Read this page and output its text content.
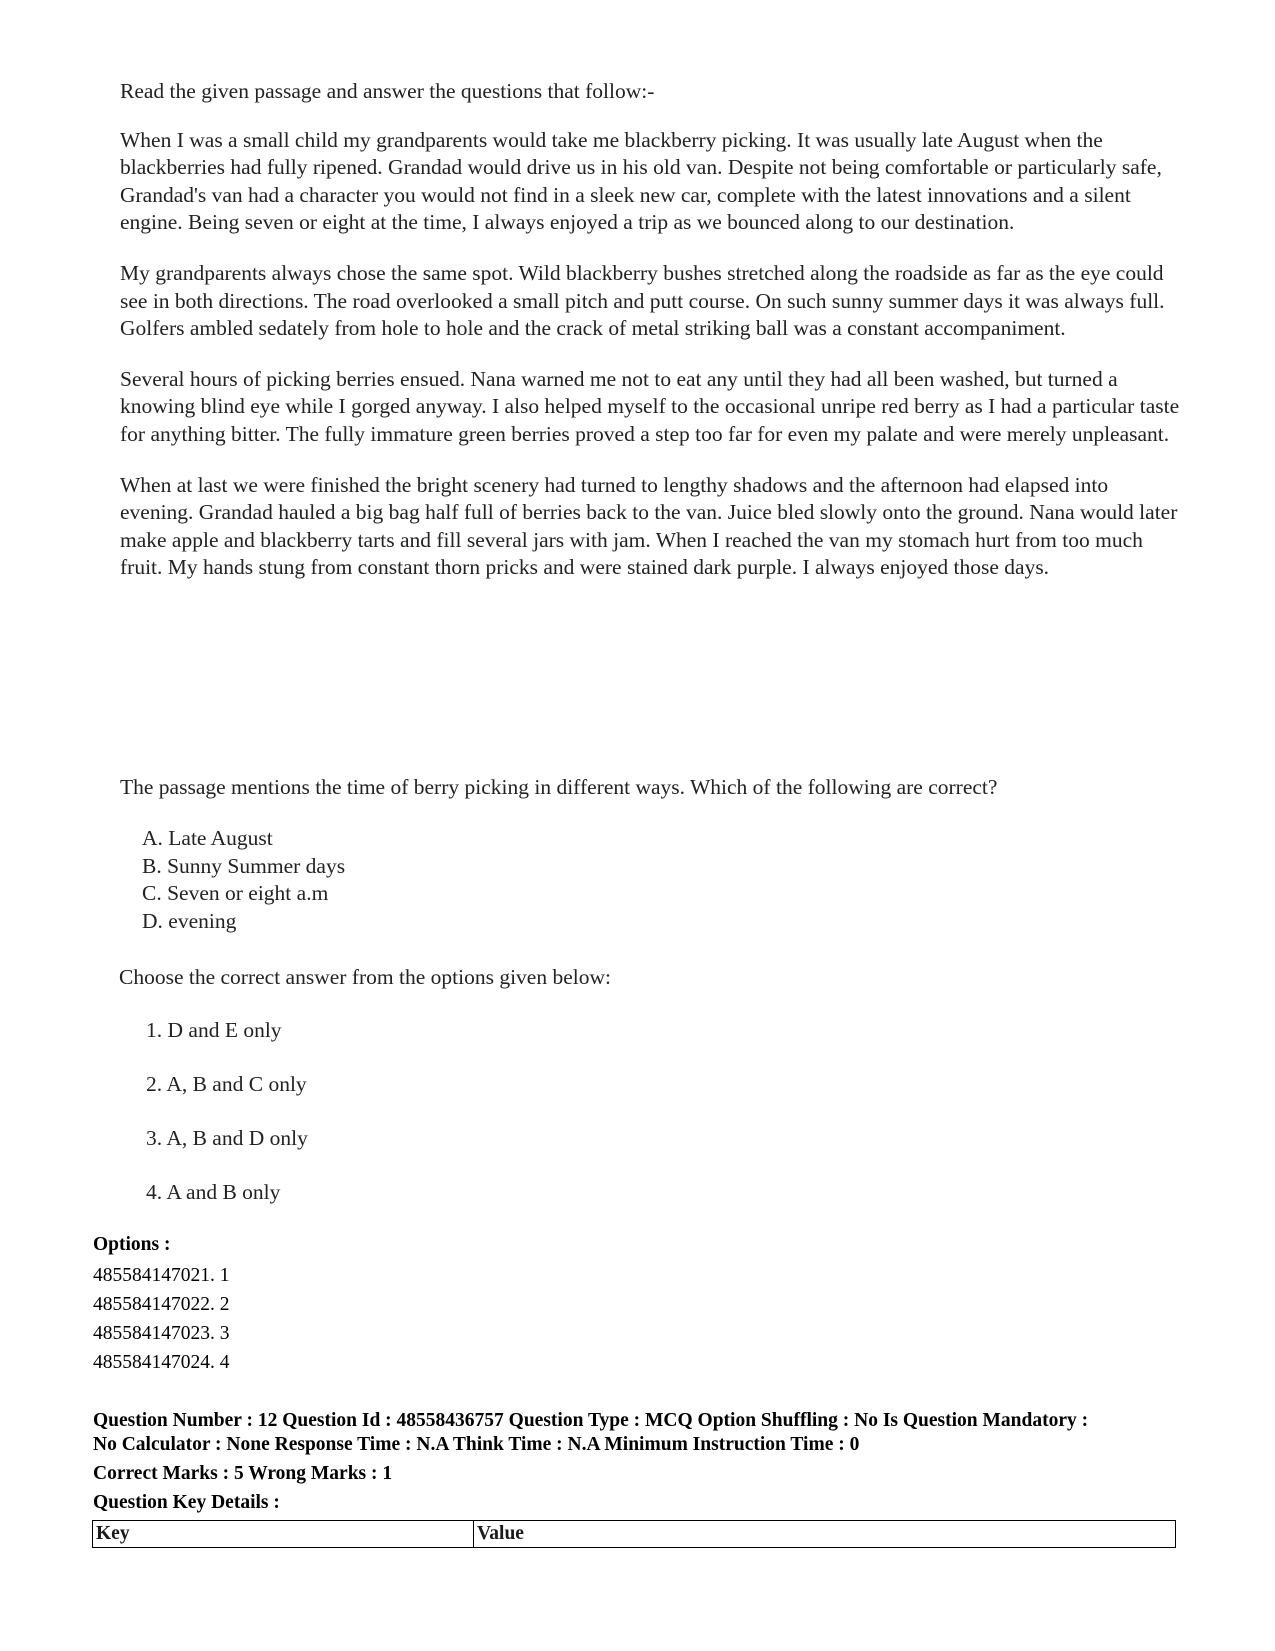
Read the given passage and answer the questions that follow:-

When I was a small child my grandparents would take me blackberry picking. It was usually late August when the blackberries had fully ripened. Grandad would drive us in his old van. Despite not being comfortable or particularly safe, Grandad's van had a character you would not find in a sleek new car, complete with the latest innovations and a silent engine. Being seven or eight at the time, I always enjoyed a trip as we bounced along to our destination.

My grandparents always chose the same spot. Wild blackberry bushes stretched along the roadside as far as the eye could see in both directions. The road overlooked a small pitch and putt course. On such sunny summer days it was always full. Golfers ambled sedately from hole to hole and the crack of metal striking ball was a constant accompaniment.

Several hours of picking berries ensued. Nana warned me not to eat any until they had all been washed, but turned a knowing blind eye while I gorged anyway. I also helped myself to the occasional unripe red berry as I had a particular taste for anything bitter. The fully immature green berries proved a step too far for even my palate and were merely unpleasant.

When at last we were finished the bright scenery had turned to lengthy shadows and the afternoon had elapsed into evening. Grandad hauled a big bag half full of berries back to the van. Juice bled slowly onto the ground. Nana would later make apple and blackberry tarts and fill several jars with jam. When I reached the van my stomach hurt from too much fruit. My hands stung from constant thorn pricks and were stained dark purple. I always enjoyed those days.

The passage mentions the time of berry picking in different ways. Which of the following are correct?

A. Late August
B. Sunny Summer days
C. Seven or eight a.m
D. evening

Choose the correct answer from the options given below:

1. D and E only
2. A, B and C only
3. A, B and D only
4. A and B only
Options :
485584147021. 1
485584147022. 2
485584147023. 3
485584147024. 4
Question Number : 12 Question Id : 48558436757 Question Type : MCQ Option Shuffling : No Is Question Mandatory :
No Calculator : None Response Time : N.A Think Time : N.A Minimum Instruction Time : 0
Correct Marks : 5 Wrong Marks : 1
Question Key Details :
Key	Value
